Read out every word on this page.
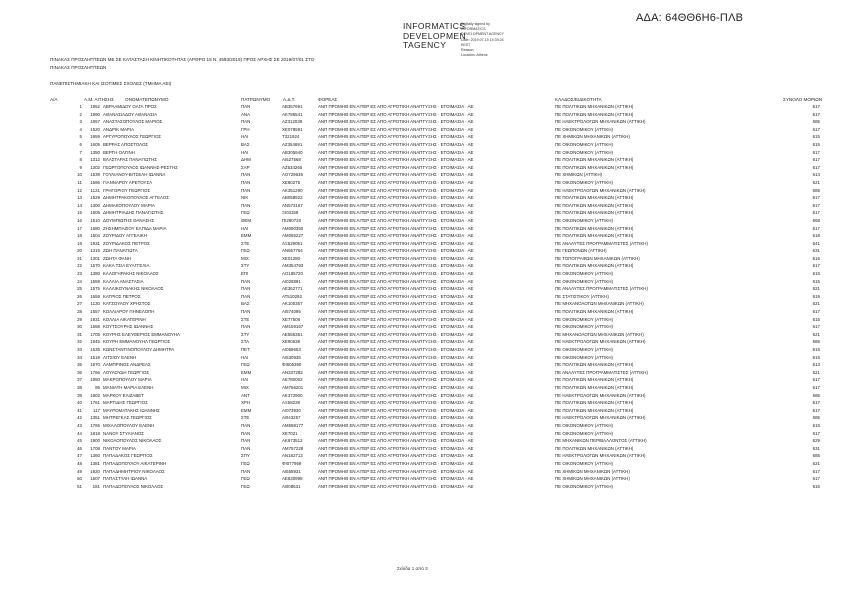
ΑΔΑ: 64ΘΘ6Η6-ΠΛΒ
INFORMATICS
DEVELOPMEN
TAGENCY
Digitally signed by
INFORMATICS
DEVELOPMENT AGENCY
Date: 2019.07.15 14:39:24
EEST
Reason:
Location: Athens
ΠΙΝΑΚΑΣ ΠΡΟΣΛΗΠΤΕΩΝ ΜΕ ΣΕ ΚΑΤΑΣΤΑΣΗ ΚΙΝΗΤΙΚΟΤΗΤΑΣ (ΑΡΘΡΟ 15 Ν. 4593/2019) ΠΡΟΣ ΑΡΧΗΣ ΣΕ 2019/07/01 ΣΤΟ
ΠΙΝΑΚΑΣ ΠΡΟΣΛΗΠΤΕΩΝ
ΠΑΝΕΠΙΣΤΗΜΙΑΚΗ ΚΑΙ ΙΣΟΤΙΜΕΣ ΣΧΟΛΕΣ (ΤΜΗΜΑ ΑΕΙ)
Α/Α	Α.Μ. ΑΙΤΗΣΗΣ ΟΝΟΜΑΤΕΠΩΝΥΜΟ	ΠΑΤΡΩΝΥΜΟ	Α.Δ.Τ.	ΦΟΡΕΑΣ	ΚΛΑΔΟΣ/ΕΙΔΙΚΟΤΗΤΑ	ΣΥΝΟΛΟ ΜΟΡΙΩΝ
1	1952 ΑΒΡΑΑΜΙΔΟΥ ΟΛΓΑ ΠΡΟΣ	ΠΑΝ	ΑΒ357691	ΑΝΠ ΠΡΟΜΗΘ ΕΝ ΑΙΤΕΡ ΕΣ ΑΠΟ ΑΓΡΟΤΙΚΗ ΑΝΑΠΤΥΞΗΣ · ΕΤΟΙΜΑΣΙΑ · ΑΕ	ΠΕ ΠΟΛΙΤΙΚΩΝ ΜΗΧΑΝΙΚΩΝ (ΑΤΤΙΚΗ)	617
2	1990 ΑΘΑΝΑΣΙΑΔΟΥ ΑΘΑΝΑΣΙΑ	ΑΝΑ	ΑΚ785541	ΑΝΠ ΠΡΟΜΗΘ ΕΝ ΑΙΤΕΡ ΕΣ ΑΠΟ ΑΓΡΟΤΙΚΗ ΑΝΑΠΤΥΞΗΣ · ΕΤΟΙΜΑΣΙΑ · ΑΕ	ΠΕ ΠΟΛΙΤΙΚΩΝ ΜΗΧΑΝΙΚΩΝ (ΑΤΤΙΚΗ)	617
3	1957 ΑΝΑΣΤΑΣΟΠΟΥΛΟΣ ΜΑΡΙΟΣ	ΠΑΝ	ΑΖ312039	ΑΝΠ ΠΡΟΜΗΘ ΕΝ ΑΙΤΕΡ ΕΣ ΑΠΟ ΑΓΡΟΤΙΚΗ ΑΝΑΠΤΥΞΗΣ · ΕΤΟΙΜΑΣΙΑ · ΑΕ	ΠΕ ΗΛΕΚΤΡΟΛΟΓΩΝ ΜΗΧΑΝΙΚΩΝ (ΑΤΤΙΚΗ)	685
4	1520 ΑΝΔΡΙΚ ΜΑΡΙΑ	ΓΡΗ	ΧΕ078591	ΑΝΠ ΠΡΟΜΗΘ ΕΝ ΑΙΤΕΡ ΕΣ ΑΠΟ ΑΓΡΟΤΙΚΗ ΑΝΑΠΤΥΞΗΣ · ΕΤΟΙΜΑΣΙΑ · ΑΕ	ΠΕ ΟΙΚΟΝΟΜΙΚΟΥ (ΑΤΤΙΚΗ)	617
5	1959 ΑΡΓΥΡΟΠΟΥΛΟΣ ΓΕΩΡΓΙΟΣ	ΗΛΙ	Τ321924	ΑΝΠ ΠΡΟΜΗΘ ΕΝ ΑΙΤΕΡ ΕΣ ΑΠΟ ΑΓΡΟΤΙΚΗ ΑΝΑΠΤΥΞΗΣ · ΕΤΟΙΜΑΣΙΑ · ΑΕ	ΠΕ ΧΗΜΙΚΩΝ ΜΗΧΑΝΙΚΩΝ (ΑΤΤΙΚΗ)	615
6	1605 ΒΕΡΡΑΣ ΑΠΟΣΤΟΛΟΣ	ΒΑΣ	ΑΖ354691	ΑΝΠ ΠΡΟΜΗΘ ΕΝ ΑΙΤΕΡ ΕΣ ΑΠΟ ΑΓΡΟΤΙΚΗ ΑΝΑΠΤΥΞΗΣ · ΕΤΟΙΜΑΣΙΑ · ΑΕ	ΠΕ ΟΙΚΟΝΟΜΙΚΟΥ (ΑΤΤΙΚΗ)	615
7	1350 ΒΕΡΓΗ ΟΛΓΙΝΗ	ΗΛΙ	ΑΒ305940	ΑΝΠ ΠΡΟΜΗΘ ΕΝ ΑΙΤΕΡ ΕΣ ΑΠΟ ΑΓΡΟΤΙΚΗ ΑΝΑΠΤΥΞΗΣ · ΕΤΟΙΜΑΣΙΑ · ΑΕ	ΠΕ ΟΙΚΟΝΟΜΙΚΟΥ (ΑΤΤΙΚΗ)	617
8	1312 ΒΛΑΣΤΑΡΑΣ ΠΑΝΑΓΙΩΤΗΣ	ΔΗΜ	ΑΙ527568	ΑΝΠ ΠΡΟΜΗΘ ΕΝ ΑΙΤΕΡ ΕΣ ΑΠΟ ΑΓΡΟΤΙΚΗ ΑΝΑΠΤΥΞΗΣ · ΕΤΟΙΜΑΣΙΑ · ΑΕ	ΠΕ ΠΟΛΙΤΙΚΩΝ ΜΗΧΑΝΙΚΩΝ (ΑΤΤΙΚΗ)	617
9	1302 ΓΕΩΡΓΟΠΟΥΛΟΣ ΙΩΑΝΝΗΣ-ΡΕΣΤΗΣ	ΣΑΡ	ΑΖ534265	ΑΝΠ ΠΡΟΜΗΘ ΕΝ ΑΙΤΕΡ ΕΣ ΑΠΟ ΑΓΡΟΤΙΚΗ ΑΝΑΠΤΥΞΗΣ · ΕΤΟΙΜΑΣΙΑ · ΑΕ	ΠΕ ΠΟΛΙΤΙΚΩΝ ΜΗΧΑΝΙΚΩΝ (ΑΤΤΙΚΗ)	617
10	1539 ΓΟΥΛΙΑΝΟΥ-ΒΙΤΣΕΛΗ ΙΩΑΝΝΑ	ΠΑΝ	ΑΟ729635	ΑΝΠ ΠΡΟΜΗΘ ΕΝ ΑΙΤΕΡ ΕΣ ΑΠΟ ΑΓΡΟΤΙΚΗ ΑΝΑΠΤΥΞΗΣ · ΕΤΟΙΜΑΣΙΑ · ΑΕ	ΠΕ ΧΗΜΙΚΩΝ (ΑΤΤΙΚΗ)	614
11	1596 ΓΙΑΝΝΑΡΟΥ ΑΡΕΤΟΥΣΑ	ΠΑΝ	ΧΕ80275	ΑΝΠ ΠΡΟΜΗΘ ΕΝ ΑΙΤΕΡ ΕΣ ΑΠΟ ΑΓΡΟΤΙΚΗ ΑΝΑΠΤΥΞΗΣ · ΕΤΟΙΜΑΣΙΑ · ΑΕ	ΠΕ ΟΙΚΟΝΟΜΙΚΟΥ (ΑΤΤΙΚΗ)	621
12	1121 ΓΡΗΓΟΡΙΟΥ ΓΕΩΡΓΙΟΣ	ΠΑΝ	ΑΚ351290	ΑΝΠ ΠΡΟΜΗΘ ΕΝ ΑΙΤΕΡ ΕΣ ΑΠΟ ΑΓΡΟΤΙΚΗ ΑΝΑΠΤΥΞΗΣ · ΕΤΟΙΜΑΣΙΑ · ΑΕ	ΠΕ ΗΛΕΚΤΡΟΛΟΓΩΝ ΜΗΧΑΝΙΚΩΝ (ΑΤΤΙΚΗ)	685
13	1529 ΔΗΜΗΤΡΑΚΟΠΟΥΛΟΣ ΑΓΓΕΛΟΣ	ΝΙΚ	ΑΒ058922	ΑΝΠ ΠΡΟΜΗΘ ΕΝ ΑΙΤΕΡ ΕΣ ΑΠΟ ΑΓΡΟΤΙΚΗ ΑΝΑΠΤΥΞΗΣ · ΕΤΟΙΜΑΣΙΑ · ΑΕ	ΠΕ ΠΟΛΙΤΙΚΩΝ ΜΗΧΑΝΙΚΩΝ (ΑΤΤΙΚΗ)	617
14	1300 ΔΗΜΑΚΟΠΟΥΛΟΥ ΜΑΡΙΑ	ΠΑΝ	ΑΝ573167	ΑΝΠ ΠΡΟΜΗΘ ΕΝ ΑΙΤΕΡ ΕΣ ΑΠΟ ΑΓΡΟΤΙΚΗ ΑΝΑΠΤΥΞΗΣ · ΕΤΟΙΜΑΣΙΑ · ΑΕ	ΠΕ ΠΟΛΙΤΙΚΩΝ ΜΗΧΑΝΙΚΩΝ (ΑΤΤΙΚΗ)	617
15	1505 ΔΗΜΗΤΡΙΑΔΗΣ ΠΑΝΑΓΙΩΤΗΣ	ΓΕΩ	ΞΙ03158	ΑΝΠ ΠΡΟΜΗΘ ΕΝ ΑΙΤΕΡ ΕΣ ΑΠΟ ΑΓΡΟΤΙΚΗ ΑΝΑΠΤΥΞΗΣ · ΕΤΟΙΜΑΣΙΑ · ΑΕ	ΠΕ ΠΟΛΙΤΙΚΩΝ ΜΗΧΑΝΙΚΩΝ (ΑΤΤΙΚΗ)	617
16	1510 ΔΟΥΜΠΙΩΤΗΣ ΘΑΝΑΣΗΣ	ΘΕΜ	ΠΙ290720	ΑΝΠ ΠΡΟΜΗΘ ΕΝ ΑΙΤΕΡ ΕΣ ΑΠΟ ΑΓΡΟΤΙΚΗ ΑΝΑΠΤΥΞΗΣ · ΕΤΟΙΜΑΣΙΑ · ΑΕ	ΠΕ ΟΙΚΟΝΟΜΙΚΟΥ (ΑΤΤΙΚΗ)	668
17	1680 ΖΗΣΗΜΠΑΖΙΟΥ ΕΛΠΙΔΑ ΜΑΡΙΑ	ΗΛΙ	ΑΜ090350	ΑΝΠ ΠΡΟΜΗΘ ΕΝ ΑΙΤΕΡ ΕΣ ΑΠΟ ΑΓΡΟΤΙΚΗ ΑΝΑΠΤΥΞΗΣ · ΕΤΟΙΜΑΣΙΑ · ΑΕ	ΠΕ ΠΟΛΙΤΙΚΩΝ ΜΗΧΑΝΙΚΩΝ (ΑΤΤΙΚΗ)	617
18	1504 ΖΟΥΡΙΔΟΥ ΑΓΓΕΛΙΚΗ	ΕΜΜ	ΑΜ065227	ΑΝΠ ΠΡΟΜΗΘ ΕΝ ΑΙΤΕΡ ΕΣ ΑΠΟ ΑΓΡΟΤΙΚΗ ΑΝΑΠΤΥΞΗΣ · ΕΤΟΙΜΑΣΙΑ · ΑΕ	ΠΕ ΠΟΛΙΤΙΚΩΝ ΜΗΧΑΝΙΚΩΝ (ΑΤΤΙΚΗ)	618
19	1931 ΖΟΥΡΙΔΑΚΟΣ ΠΕΤΡΟΣ	ΣΤΕ	ΑΞ529051	ΑΝΠ ΠΡΟΜΗΘ ΕΝ ΑΙΤΕΡ ΕΣ ΑΠΟ ΑΓΡΟΤΙΚΗ ΑΝΑΠΤΥΞΗΣ · ΕΤΟΙΜΑΣΙΑ · ΑΕ	ΠΕ ΑΝΑΛΥΤΕΣ ΠΡΟΓΡΑΜΜΑΤΙΣΤΕΣ (ΑΤΤΙΚΗ)	641
20	1315 ΖΩΗ ΠΑΝΑΓΙΩΤΑ	ΓΕΩ	ΑΝ567764	ΑΝΠ ΠΡΟΜΗΘ ΕΝ ΑΙΤΕΡ ΕΣ ΑΠΟ ΑΓΡΟΤΙΚΗ ΑΝΑΠΤΥΞΗΣ · ΕΤΟΙΜΑΣΙΑ · ΑΕ	ΠΕ ΓΕΩΠΟΝΩΝ (ΑΤΤΙΚΗ)	631
21	1301 ΖΩΗΤΑ ΦΑΝΗ	ΜΙΧ	ΧΕ01280	ΑΝΠ ΠΡΟΜΗΘ ΕΝ ΑΙΤΕΡ ΕΣ ΑΠΟ ΑΓΡΟΤΙΚΗ ΑΝΑΠΤΥΞΗΣ · ΕΤΟΙΜΑΣΙΑ · ΑΕ	ΠΕ ΤΟΠΟΓΡΑΦΩΝ ΜΗΧΑΝΙΚΩΝ (ΑΤΤΙΚΗ)	616
22	1570 ΚΑΚΑ ΤΣΙΑ ΕΥΑΓΓΕΛΙΑ	ΣΤΥ	ΑΜ354793	ΑΝΠ ΠΡΟΜΗΘ ΕΝ ΑΙΤΕΡ ΕΣ ΑΠΟ ΑΓΡΟΤΙΚΗ ΑΝΑΠΤΥΞΗΣ · ΕΤΟΙΜΑΣΙΑ · ΑΕ	ΠΕ ΠΟΛΙΤΙΚΩΝ ΜΗΧΑΝΙΚΩΝ (ΑΤΤΙΚΗ)	617
23	1380 ΚΑΛΟΓΗΡΑΚΗΣ ΝΙΚΟΛΑΟΣ	ΕΠΙ	ΑΟ185720	ΑΝΠ ΠΡΟΜΗΘ ΕΝ ΑΙΤΕΡ ΕΣ ΑΠΟ ΑΓΡΟΤΙΚΗ ΑΝΑΠΤΥΞΗΣ · ΕΤΟΙΜΑΣΙΑ · ΑΕ	ΠΕ ΟΙΚΟΝΟΜΙΚΟΥ (ΑΤΤΙΚΗ)	615
24	1559 ΚΑΛΛΙΑ ΑΝΑΣΤΑΣΙΑ	ΠΑΝ	ΑΙ028891	ΑΝΠ ΠΡΟΜΗΘ ΕΝ ΑΙΤΕΡ ΕΣ ΑΠΟ ΑΓΡΟΤΙΚΗ ΑΝΑΠΤΥΞΗΣ · ΕΤΟΙΜΑΣΙΑ · ΑΕ	ΠΕ ΟΙΚΟΝΟΜΙΚΟΥ (ΑΤΤΙΚΗ)	615
25	1575 ΚΑΛΛΙΚΟΥΝΑΚΗΣ ΝΙΚΟΛΑΟΣ	ΠΑΝ	ΑΕ362771	ΑΝΠ ΠΡΟΜΗΘ ΕΝ ΑΙΤΕΡ ΕΣ ΑΠΟ ΑΓΡΟΤΙΚΗ ΑΝΑΠΤΥΞΗΣ · ΕΤΟΙΜΑΣΙΑ · ΑΕ	ΠΕ ΑΝΑΛΥΤΕΣ ΠΡΟΓΡΑΜΜΑΤΙΣΤΕΣ (ΑΤΤΙΚΗ)	621
26	1659 ΚΑΤΡΙΟΣ ΠΕΤΡΟΣ	ΠΑΝ	ΑΤ510292	ΑΝΠ ΠΡΟΜΗΘ ΕΝ ΑΙΤΕΡ ΕΣ ΑΠΟ ΑΓΡΟΤΙΚΗ ΑΝΑΠΤΥΞΗΣ · ΕΤΟΙΜΑΣΙΑ · ΑΕ	ΠΕ ΣΤΑΤΙΣΤΙΚΟΥ (ΑΤΤΙΚΗ)	619
27	1130 ΚΑΤΣΟΥΛΟΥ ΧΡΗΣΤΟΣ	ΒΑΣ	ΑΚ100357	ΑΝΠ ΠΡΟΜΗΘ ΕΝ ΑΙΤΕΡ ΕΣ ΑΠΟ ΑΓΡΟΤΙΚΗ ΑΝΑΠΤΥΞΗΣ · ΕΤΟΙΜΑΣΙΑ · ΑΕ	ΠΕ ΜΗΧΑΝΟΛΟΓΩΝ ΜΗΧΑΝΙΚΩΝ (ΑΤΤΙΚΗ)	621
28	1557 ΚΟΛΛΙΑΡΟΥ ΠΗΝΕΛΟΠΗ	ΠΑΝ	ΑΙ574095	ΑΝΠ ΠΡΟΜΗΘ ΕΝ ΑΙΤΕΡ ΕΣ ΑΠΟ ΑΓΡΟΤΙΚΗ ΑΝΑΠΤΥΞΗΣ · ΕΤΟΙΜΑΣΙΑ · ΑΕ	ΠΕ ΠΟΛΙΤΙΚΩΝ ΜΗΧΑΝΙΚΩΝ (ΑΤΤΙΚΗ)	617
29	1931 ΚΟΛΛΙΑ ΑΙΚΑΤΕΡΙΝΗ	ΣΤΕ	ΧΕ77508	ΑΝΠ ΠΡΟΜΗΘ ΕΝ ΑΙΤΕΡ ΕΣ ΑΠΟ ΑΓΡΟΤΙΚΗ ΑΝΑΠΤΥΞΗΣ · ΕΤΟΙΜΑΣΙΑ · ΑΕ	ΠΕ ΟΙΚΟΝΟΜΙΚΟΥ (ΑΤΤΙΚΗ)	615
30	1558 ΚΟΥΤΣΟΥΡΗΣ ΙΩΑΝΝΗΣ	ΠΑΝ	ΑΜ159167	ΑΝΠ ΠΡΟΜΗΘ ΕΝ ΑΙΤΕΡ ΕΣ ΑΠΟ ΑΓΡΟΤΙΚΗ ΑΝΑΠΤΥΞΗΣ · ΕΤΟΙΜΑΣΙΑ · ΑΕ	ΠΕ ΟΙΚΟΝΟΜΙΚΟΥ (ΑΤΤΙΚΗ)	617
31	1705 ΚΟΥΡΗΣ ΕΛΕΥΘΕΡΙΟΣ ΕΜΜΑΝΟΥΗΛ	ΣΤΥ	ΑΕ556351	ΑΝΠ ΠΡΟΜΗΘ ΕΝ ΑΙΤΕΡ ΕΣ ΑΠΟ ΑΓΡΟΤΙΚΗ ΑΝΑΠΤΥΞΗΣ · ΕΤΟΙΜΑΣΙΑ · ΑΕ	ΠΕ ΜΗΧΑΝΟΛΟΓΩΝ ΜΗΧΑΝΙΚΩΝ (ΑΤΤΙΚΗ)	621
32	1945 ΚΟΥΡΗ ΕΜΜΑΝΟΥΗΛ ΓΕΩΡΓΙΟΣ	ΣΤΑ	ΧΕ90638	ΑΝΠ ΠΡΟΜΗΘ ΕΝ ΑΙΤΕΡ ΕΣ ΑΠΟ ΑΓΡΟΤΙΚΗ ΑΝΑΠΤΥΞΗΣ · ΕΤΟΙΜΑΣΙΑ · ΑΕ	ΠΕ ΗΛΕΚΤΡΟΛΟΓΩΝ ΜΗΧΑΝΙΚΩΝ (ΑΤΤΙΚΗ)	685
33	1535 ΚΩΝΣΤΑΝΤΙΝΟΠΟΥΛΟΥ ΔΗΜΗΤΡΑ	ΠΕΤ	ΑΙ059653	ΑΝΠ ΠΡΟΜΗΘ ΕΝ ΑΙΤΕΡ ΕΣ ΑΠΟ ΑΓΡΟΤΙΚΗ ΑΝΑΠΤΥΞΗΣ · ΕΤΟΙΜΑΣΙΑ · ΑΕ	ΠΕ ΟΙΚΟΝΟΜΙΚΟΥ (ΑΤΤΙΚΗ)	615
34	1519 ΛΙΤΣΙΟΥ ΕΛΕΝΗ	ΗΛΙ	ΑΙ530935	ΑΝΠ ΠΡΟΜΗΘ ΕΝ ΑΙΤΕΡ ΕΣ ΑΠΟ ΑΓΡΟΤΙΚΗ ΑΝΑΠΤΥΞΗΣ · ΕΤΟΙΜΑΣΙΑ · ΑΕ	ΠΕ ΟΙΚΟΝΟΜΙΚΟΥ (ΑΤΤΙΚΗ)	615
35	1970 ΛΑΜΠΡΙΝΟΣ ΑΝΔΡΕΑΣ	ΓΕΩ	ΦΙ605390	ΑΝΠ ΠΡΟΜΗΘ ΕΝ ΑΙΤΕΡ ΕΣ ΑΠΟ ΑΓΡΟΤΙΚΗ ΑΝΑΠΤΥΞΗΣ · ΕΤΟΙΜΑΣΙΑ · ΑΕ	ΠΕ ΠΟΛΙΤΙΚΩΝ ΜΗΧΑΝΙΚΩΝ (ΑΤΤΙΚΗ)	613
36	1766 ΛΟΥΛΟΥΔΗ ΓΕΩΡΓΙΟΣ	ΕΜΜ	ΑΝ337282	ΑΝΠ ΠΡΟΜΗΘ ΕΝ ΑΙΤΕΡ ΕΣ ΑΠΟ ΑΓΡΟΤΙΚΗ ΑΝΑΠΤΥΞΗΣ · ΕΤΟΙΜΑΣΙΑ · ΑΕ	ΠΕ ΑΝΑΛΥΤΕΣ ΠΡΟΓΡΑΜΜΑΤΙΣΤΕΣ (ΑΤΤΙΚΗ)	621
37	1950 ΜΑΚΡΟΠΟΥΛΟΥ ΜΑΡΙΑ	ΗΛΙ	ΑΕ780002	ΑΝΠ ΠΡΟΜΗΘ ΕΝ ΑΙΤΕΡ ΕΣ ΑΠΟ ΑΓΡΟΤΙΚΗ ΑΝΑΠΤΥΞΗΣ · ΕΤΟΙΜΑΣΙΑ · ΑΕ	ΠΕ ΠΟΛΙΤΙΚΩΝ ΜΗΧΑΝΙΚΩΝ (ΑΤΤΙΚΗ)	617
38	95 ΜΑΝΙΑΤΗ ΜΑΡΙΑ ΕΛΕΝΗ	ΜΙΧ	ΑΜ756201	ΑΝΠ ΠΡΟΜΗΘ ΕΝ ΑΙΤΕΡ ΕΣ ΑΠΟ ΑΓΡΟΤΙΚΗ ΑΝΑΠΤΥΞΗΣ · ΕΤΟΙΜΑΣΙΑ · ΑΕ	ΠΕ ΠΟΛΙΤΙΚΩΝ ΜΗΧΑΝΙΚΩΝ (ΑΤΤΙΚΗ)	617
39	1902 ΜΑΡΚΟΥ ΕΛΙΖΑΒΕΤ	ΑΝΤ	ΑΚ372900	ΑΝΠ ΠΡΟΜΗΘ ΕΝ ΑΙΤΕΡ ΕΣ ΑΠΟ ΑΓΡΟΤΙΚΗ ΑΝΑΠΤΥΞΗΣ · ΕΤΟΙΜΑΣΙΑ · ΑΕ	ΠΕ ΗΛΕΚΤΡΟΛΟΓΩΝ ΜΗΧΑΝΙΚΩΝ (ΑΤΤΙΚΗ)	685
40	1761 ΜΑΡΤΙΔΗΣ ΓΕΩΡΓΙΟΣ	ΧΡΗ	ΑΞ58228	ΑΝΠ ΠΡΟΜΗΘ ΕΝ ΑΙΤΕΡ ΕΣ ΑΠΟ ΑΓΡΟΤΙΚΗ ΑΝΑΠΤΥΞΗΣ · ΕΤΟΙΜΑΣΙΑ · ΑΕ	ΠΕ ΠΟΛΙΤΙΚΩΝ ΜΗΧΑΝΙΚΩΝ (ΑΤΤΙΚΗ)	617
41	117 ΜΑΥΡΟΜΑΤΑΚΗΣ ΙΩΑΝΝΗΣ	ΕΜΜ	ΑΙ073930	ΑΝΠ ΠΡΟΜΗΘ ΕΝ ΑΙΤΕΡ ΕΣ ΑΠΟ ΑΓΡΟΤΙΚΗ ΑΝΑΠΤΥΞΗΣ · ΕΤΟΙΜΑΣΙΑ · ΑΕ	ΠΕ ΠΟΛΙΤΙΚΩΝ ΜΗΧΑΝΙΚΩΝ (ΑΤΤΙΚΗ)	617
42	1351 ΜΗΤΡΕΓΚΑΣ ΓΕΩΡΓΙΟΣ	ΣΤΕ	ΑΘ43257	ΑΝΠ ΠΡΟΜΗΘ ΕΝ ΑΙΤΕΡ ΕΣ ΑΠΟ ΑΓΡΟΤΙΚΗ ΑΝΑΠΤΥΞΗΣ · ΕΤΟΙΜΑΣΙΑ · ΑΕ	ΠΕ ΗΛΕΚΤΡΟΛΟΓΩΝ ΜΗΧΑΝΙΚΩΝ (ΑΤΤΙΚΗ)	685
43	1765 ΜΙΧΑΛΟΠΟΥΛΟΥ ΕΛΕΝΗ	ΠΑΝ	ΑΜ598177	ΑΝΠ ΠΡΟΜΗΘ ΕΝ ΑΙΤΕΡ ΕΣ ΑΠΟ ΑΓΡΟΤΙΚΗ ΑΝΑΠΤΥΞΗΣ · ΕΤΟΙΜΑΣΙΑ · ΑΕ	ΠΕ ΟΙΚΟΝΟΜΙΚΟΥ (ΑΤΤΙΚΗ)	615
44	1818 ΝΑΝΟΥ ΣΤΥΛΙΑΝΟΣ	ΠΑΝ	ΧΕ7021	ΑΝΠ ΠΡΟΜΗΘ ΕΝ ΑΙΤΕΡ ΕΣ ΑΠΟ ΑΓΡΟΤΙΚΗ ΑΝΑΠΤΥΞΗΣ · ΕΤΟΙΜΑΣΙΑ · ΑΕ	ΠΕ ΟΙΚΟΝΟΜΙΚΟΥ (ΑΤΤΙΚΗ)	617
45	1900 ΝΙΚΟΛΟΠΟΥΛΟΣ ΝΙΚΟΛΑΟΣ	ΠΑΝ	ΑΚ673512	ΑΝΠ ΠΡΟΜΗΘ ΕΝ ΑΙΤΕΡ ΕΣ ΑΠΟ ΑΓΡΟΤΙΚΗ ΑΝΑΠΤΥΞΗΣ · ΕΤΟΙΜΑΣΙΑ · ΑΕ	ΠΕ ΜΗΧΑΝΙΚΩΝ ΠΕΡΙΒΑΛΛΟΝΤΟΣ (ΑΤΤΙΚΗ)	629
46	1708 ΠΑΝΤΟΥ ΜΑΡΙΑ	ΠΑΝ	ΑΜ757228	ΑΝΠ ΠΡΟΜΗΘ ΕΝ ΑΙΤΕΡ ΕΣ ΑΠΟ ΑΓΡΟΤΙΚΗ ΑΝΑΠΤΥΞΗΣ · ΕΤΟΙΜΑΣΙΑ · ΑΕ	ΠΕ ΠΟΛΙΤΙΚΩΝ ΜΗΧΑΝΙΚΩΝ (ΑΤΤΙΚΗ)	631
47	1360 ΠΑΠΑΔΑΚΟΣ ΓΕΩΡΓΙΟΣ	ΣΠΥ	ΑΝ182713	ΑΝΠ ΠΡΟΜΗΘ ΕΝ ΑΙΤΕΡ ΕΣ ΑΠΟ ΑΓΡΟΤΙΚΗ ΑΝΑΠΤΥΞΗΣ · ΕΤΟΙΜΑΣΙΑ · ΑΕ	ΠΕ ΗΛΕΚΤΡΟΛΟΓΩΝ ΜΗΧΑΝΙΚΩΝ (ΑΤΤΙΚΗ)	685
48	1381 ΠΑΠΑΔΟΠΟΥΛΟΥ ΑΙΚΑΤΕΡΙΝΗ	ΓΕΩ	ΦΙ077959	ΑΝΠ ΠΡΟΜΗΘ ΕΝ ΑΙΤΕΡ ΕΣ ΑΠΟ ΑΓΡΟΤΙΚΗ ΑΝΑΠΤΥΞΗΣ · ΕΤΟΙΜΑΣΙΑ · ΑΕ	ΠΕ ΟΙΚΟΝΟΜΙΚΟΥ (ΑΤΤΙΚΗ)	621
49	1920 ΠΑΠΑΔΗΜΗΤΡΙΟΥ ΝΙΚΟΛΑΟΣ	ΠΑΝ	ΑΙ558931	ΑΝΠ ΠΡΟΜΗΘ ΕΝ ΑΙΤΕΡ ΕΣ ΑΠΟ ΑΓΡΟΤΙΚΗ ΑΝΑΠΤΥΞΗΣ · ΕΤΟΙΜΑΣΙΑ · ΑΕ	ΠΕ ΧΗΜΙΚΩΝ ΜΗΧΑΝΙΚΩΝ (ΑΤΤΙΚΗ)	617
50	1507 ΠΑΠΑΣΤΥΛΗ ΙΩΑΝΝΑ	ΓΕΩ	ΑΕ630998	ΑΝΠ ΠΡΟΜΗΘ ΕΝ ΑΙΤΕΡ ΕΣ ΑΠΟ ΑΓΡΟΤΙΚΗ ΑΝΑΠΤΥΞΗΣ · ΕΤΟΙΜΑΣΙΑ · ΑΕ	ΠΕ ΧΗΜΙΚΩΝ ΜΗΧΑΝΙΚΩΝ (ΑΤΤΙΚΗ)	617
51	181 ΠΑΠΑΔΟΠΟΥΛΟΣ ΝΙΚΟΛΑΟΣ	ΓΕΩ	ΑΘ08531	ΑΝΠ ΠΡΟΜΗΘ ΕΝ ΑΙΤΕΡ ΕΣ ΑΠΟ ΑΓΡΟΤΙΚΗ ΑΝΑΠΤΥΞΗΣ · ΕΤΟΙΜΑΣΙΑ · ΑΕ	ΠΕ ΟΙΚΟΝΟΜΙΚΟΥ (ΑΤΤΙΚΗ)	615
Σελίδα 1 από 3
